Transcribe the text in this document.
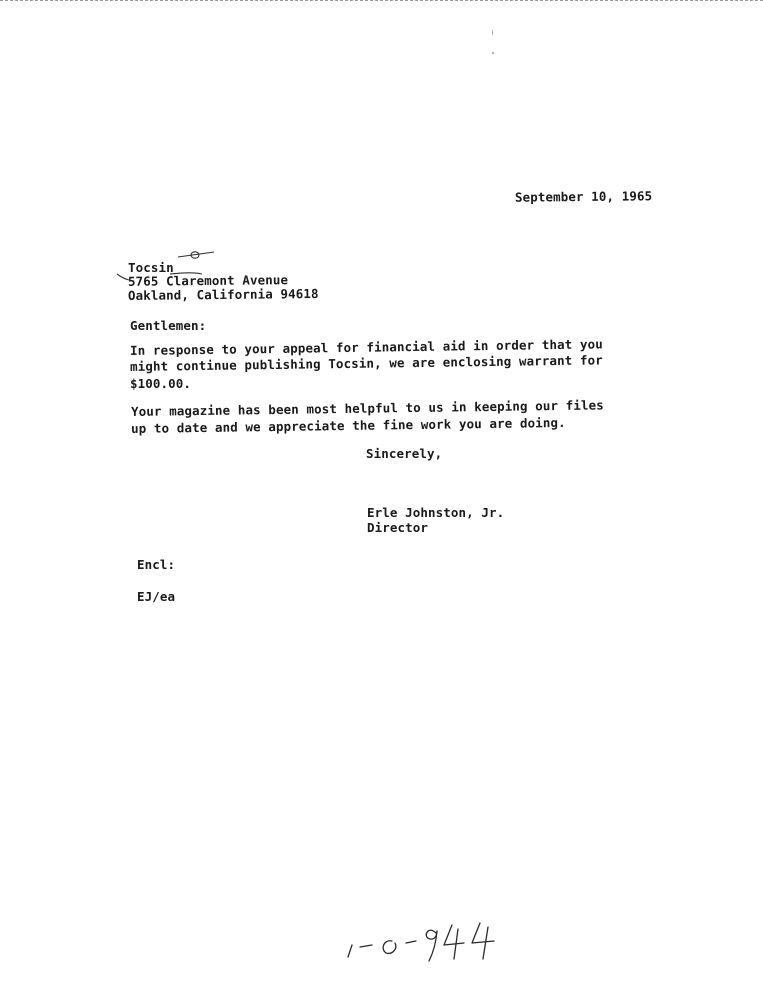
September 10, 1965
Tocsin
5765 Claremont Avenue
Oakland, California 94618
Gentlemen:
In response to your appeal for financial aid in order that you
might continue publishing Tocsin, we are enclosing warrant for
$100.00.
Your magazine has been most helpful to us in keeping our files
up to date and we appreciate the fine work you are doing.
Sincerely,
Erle Johnston, Jr.
Director
Encl:
EJ/ea
